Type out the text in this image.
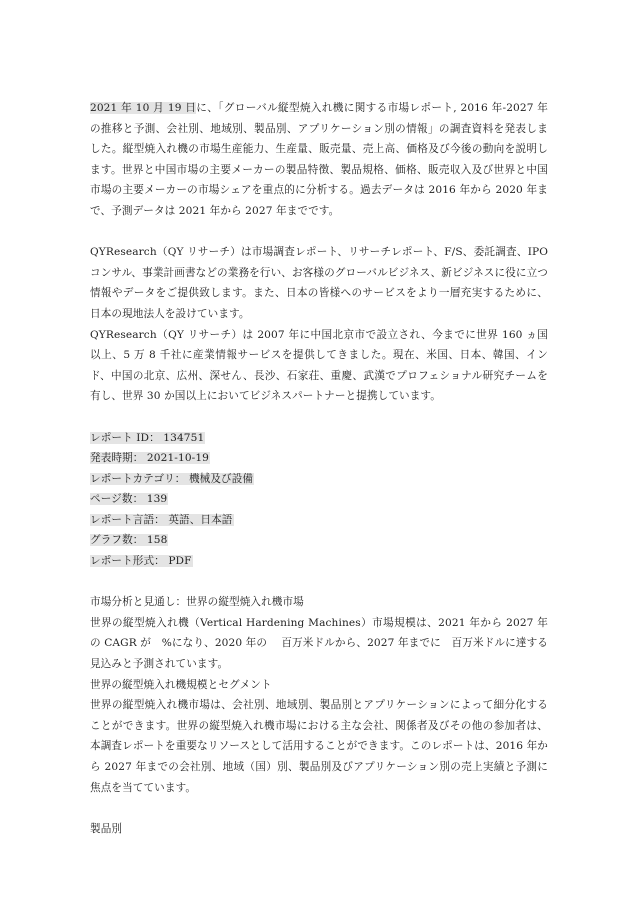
2021 年 10 月 19 日に、「グローバル縦型焼入れ機に関する市場レポート, 2016 年-2027 年の推移と予測、会社別、地域別、製品別、アプリケーション別の情報」の調査資料を発表しました。縦型焼入れ機の市場生産能力、生産量、販売量、売上高、価格及び今後の動向を説明します。世界と中国市場の主要メーカーの製品特徴、製品規格、価格、販売収入及び世界と中国市場の主要メーカーの市場シェアを重点的に分析する。過去データは 2016 年から 2020 年まで、予測データは 2021 年から 2027 年までです。

QYResearch（QY リサーチ）は市場調査レポート、リサーチレポート、F/S、委託調査、IPO コンサル、事業計画書などの業務を行い、お客様のグローバルビジネス、新ビジネスに役に立つ情報やデータをご提供致します。また、日本の皆様へのサービスをより一層充実するために、日本の現地法人を設けています。

QYResearch（QY リサーチ）は 2007 年に中国北京市で設立され、今までに世界 160 ヵ国以上、5 万 8 千社に産業情報サービスを提供してきました。現在、米国、日本、韓国、インド、中国の北京、広州、深せん、長沙、石家荘、重慶、武漢でプロフェショナル研究チームを有し、世界 30 か国以上においてビジネスパートナーと提携しています。

レポート ID： 134751

発表時期： 2021-10-19

レポートカテゴリ： 機械及び設備

ページ数： 139

レポート言語： 英語、日本語

グラフ数： 158

レポート形式： PDF

市場分析と見通し：世界の縦型焼入れ機市場

世界の縦型焼入れ機（Vertical Hardening Machines）市場規模は、2021 年から 2027 年の CAGR が　%になり、2020 年の　 百万米ドルから、2027 年までに　百万米ドルに達する見込みと予測されています。

世界の縦型焼入れ機規模とセグメント

世界の縦型焼入れ機市場は、会社別、地域別、製品別とアプリケーションによって細分化することができます。世界の縦型焼入れ機市場における主な会社、関係者及びその他の参加者は、本調査レポートを重要なリソースとして活用することができます。このレポートは、2016 年から 2027 年までの会社別、地域（国）別、製品別及びアプリケーション別の売上実績と予測に焦点を当てています。

製品別
